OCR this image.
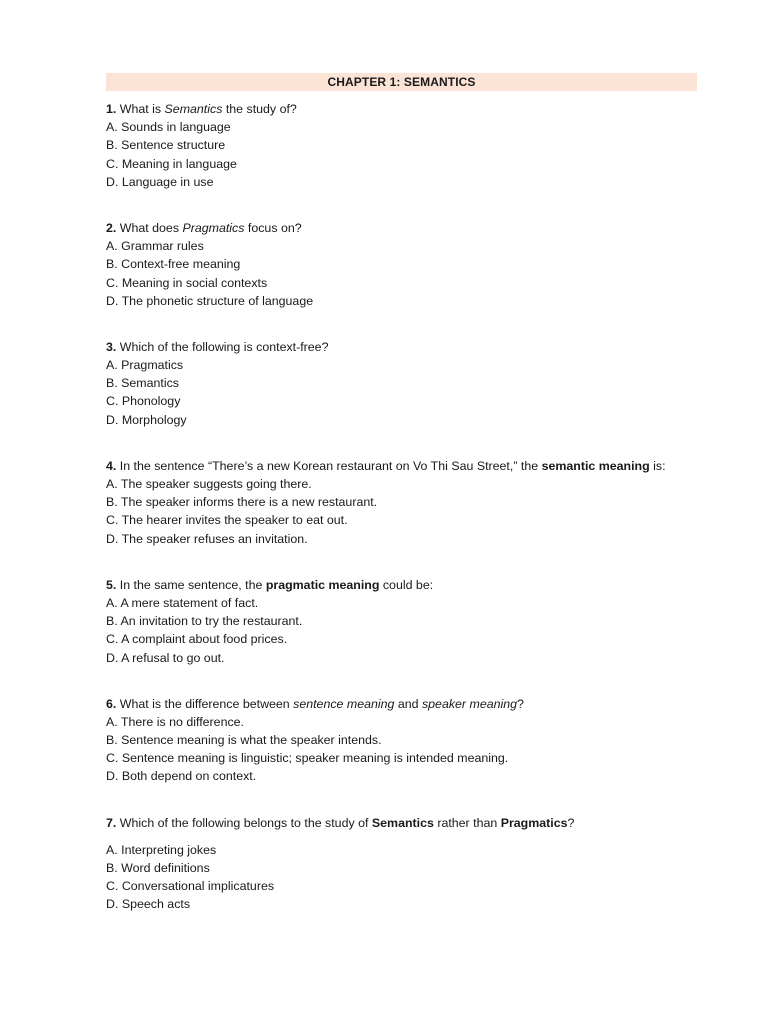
CHAPTER 1: SEMANTICS
1. What is Semantics the study of?
A. Sounds in language
B. Sentence structure
C. Meaning in language
D. Language in use
2. What does Pragmatics focus on?
A. Grammar rules
B. Context-free meaning
C. Meaning in social contexts
D. The phonetic structure of language
3. Which of the following is context-free?
A. Pragmatics
B. Semantics
C. Phonology
D. Morphology
4. In the sentence “There’s a new Korean restaurant on Vo Thi Sau Street,” the semantic meaning is:
A. The speaker suggests going there.
B. The speaker informs there is a new restaurant.
C. The hearer invites the speaker to eat out.
D. The speaker refuses an invitation.
5. In the same sentence, the pragmatic meaning could be:
A. A mere statement of fact.
B. An invitation to try the restaurant.
C. A complaint about food prices.
D. A refusal to go out.
6. What is the difference between sentence meaning and speaker meaning?
A. There is no difference.
B. Sentence meaning is what the speaker intends.
C. Sentence meaning is linguistic; speaker meaning is intended meaning.
D. Both depend on context.
7. Which of the following belongs to the study of Semantics rather than Pragmatics?
A. Interpreting jokes
B. Word definitions
C. Conversational implicatures
D. Speech acts
